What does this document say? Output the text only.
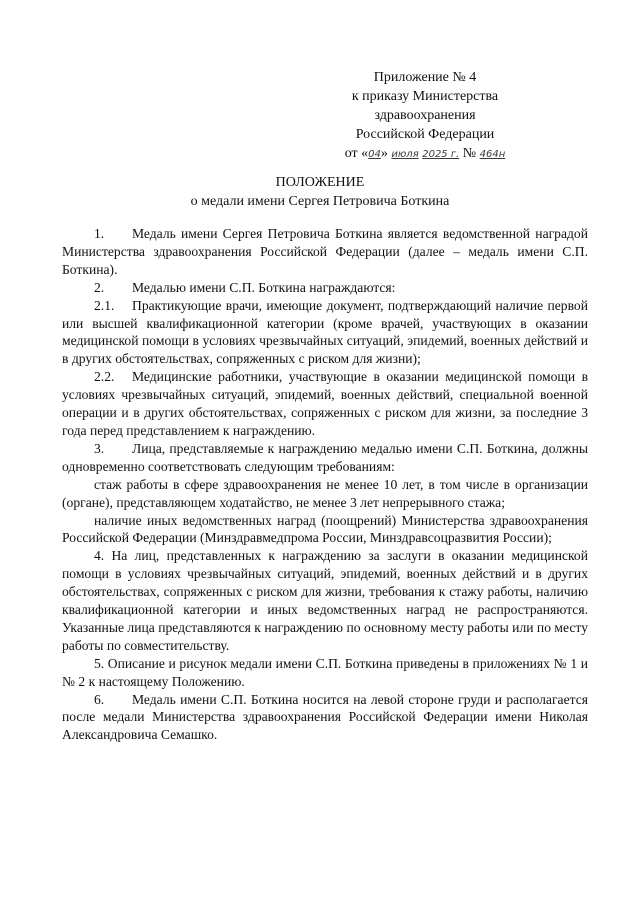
Приложение № 4
к приказу Министерства
здравоохранения
Российской Федерации
от «04» июля 2025 г. № 464н
ПОЛОЖЕНИЕ
о медали имени Сергея Петровича Боткина

1. Медаль имени Сергея Петровича Боткина является ведомственной наградой Министерства здравоохранения Российской Федерации (далее – медаль имени С.П. Боткина).

2. Медалью имени С.П. Боткина награждаются:

2.1. Практикующие врачи, имеющие документ, подтверждающий наличие первой или высшей квалификационной категории (кроме врачей, участвующих в оказании медицинской помощи в условиях чрезвычайных ситуаций, эпидемий, военных действий и в других обстоятельствах, сопряженных с риском для жизни);

2.2. Медицинские работники, участвующие в оказании медицинской помощи в условиях чрезвычайных ситуаций, эпидемий, военных действий, специальной военной операции и в других обстоятельствах, сопряженных с риском для жизни, за последние 3 года перед представлением к награждению.

3. Лица, представляемые к награждению медалью имени С.П. Боткина, должны одновременно соответствовать следующим требованиям:

стаж работы в сфере здравоохранения не менее 10 лет, в том числе в организации (органе), представляющем ходатайство, не менее 3 лет непрерывного стажа;

наличие иных ведомственных наград (поощрений) Министерства здравоохранения Российской Федерации (Минздравмедпрома России, Минздравсоцразвития России);

4. На лиц, представленных к награждению за заслуги в оказании медицинской помощи в условиях чрезвычайных ситуаций, эпидемий, военных действий и в других обстоятельствах, сопряженных с риском для жизни, требования к стажу работы, наличию квалификационной категории и иных ведомственных наград не распространяются. Указанные лица представляются к награждению по основному месту работы или по месту работы по совместительству.

5. Описание и рисунок медали имени С.П. Боткина приведены в приложениях № 1 и № 2 к настоящему Положению.

6. Медаль имени С.П. Боткина носится на левой стороне груди и располагается после медали Министерства здравоохранения Российской Федерации имени Николая Александровича Семашко.
